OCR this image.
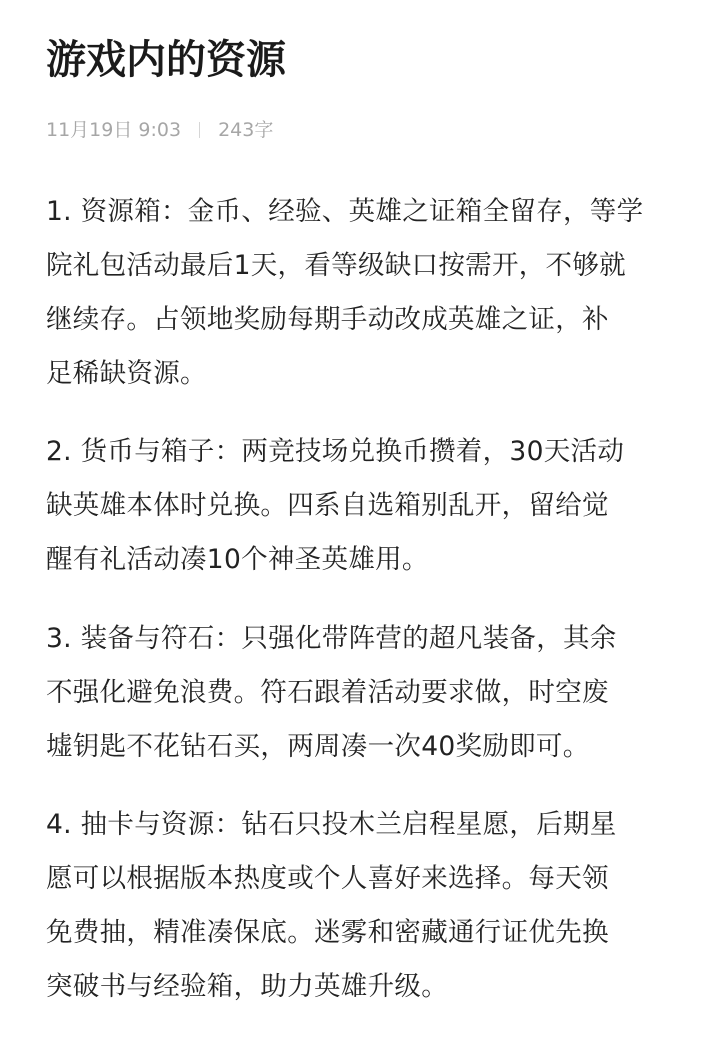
游戏内的资源
11月19日 9:03 243字
1. 资源箱：金币、经验、英雄之证箱全留存，等学
院礼包活动最后1天，看等级缺口按需开，不够就
继续存。占领地奖励每期手动改成英雄之证，补
足稀缺资源。
2. 货币与箱子：两竞技场兑换币攒着，30天活动
缺英雄本体时兑换。四系自选箱别乱开，留给觉
醒有礼活动凑10个神圣英雄用。
3. 装备与符石：只强化带阵营的超凡装备，其余
不强化避免浪费。符石跟着活动要求做，时空废
墟钥匙不花钻石买，两周凑一次40奖励即可。
4. 抽卡与资源：钻石只投木兰启程星愿，后期星
愿可以根据版本热度或个人喜好来选择。每天领
免费抽，精准凑保底。迷雾和密藏通行证优先换
突破书与经验箱，助力英雄升级。
